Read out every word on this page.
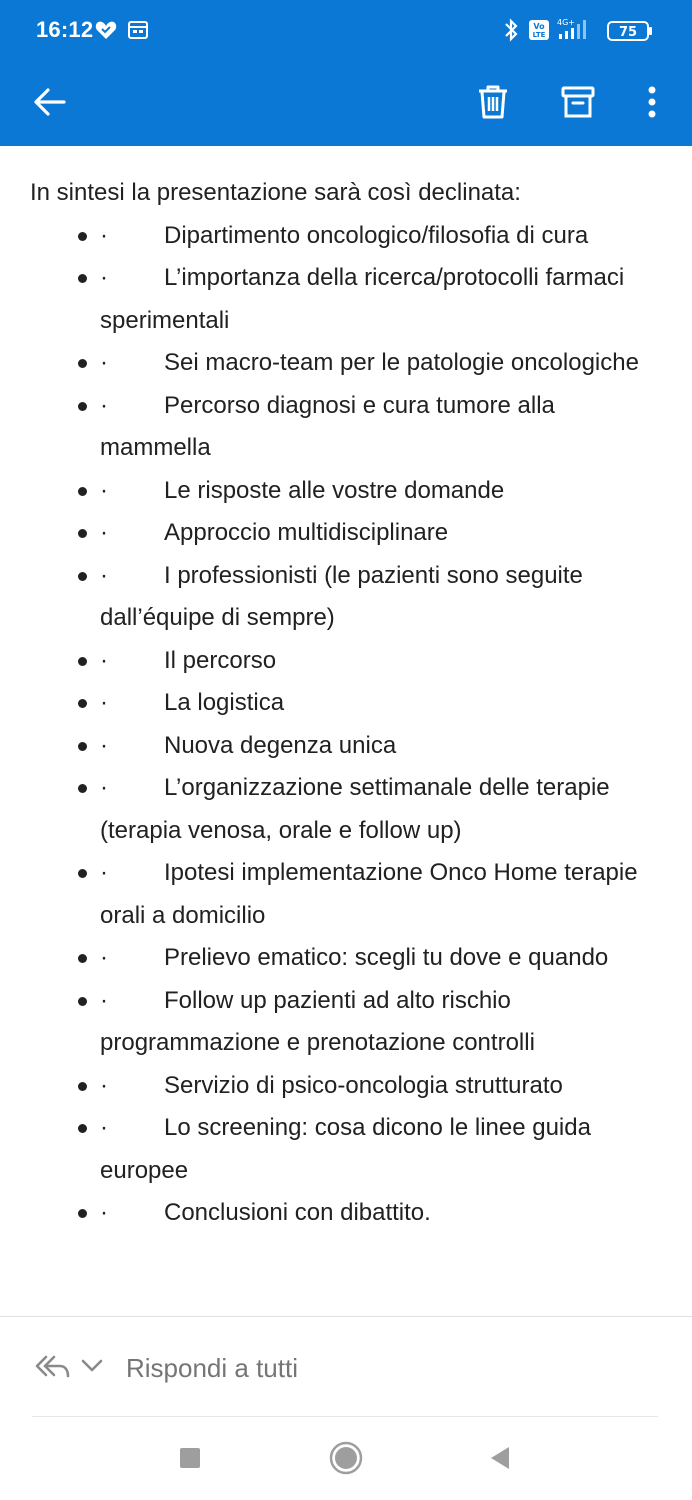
16:12	Vo
LTE
4G+
75
In sintesi la presentazione sarà così declinata:
· Dipartimento oncologico/filosofia di cura
· L’importanza della ricerca/protocolli farmaci sperimentali
· Sei macro-team per le patologie oncologiche
· Percorso diagnosi e cura tumore alla mammella
· Le risposte alle vostre domande
· Approccio multidisciplinare
· I professionisti (le pazienti sono seguite dall’équipe di sempre)
· Il percorso
· La logistica
· Nuova degenza unica
· L’organizzazione settimanale delle terapie (terapia venosa, orale e follow up)
· Ipotesi implementazione Onco Home terapie orali a domicilio
· Prelievo ematico: scegli tu dove e quando
· Follow up pazienti ad alto rischio programmazione e prenotazione controlli
· Servizio di psico-oncologia strutturato
· Lo screening: cosa dicono le linee guida europee
· Conclusioni con dibattito.
Rispondi a tutti
